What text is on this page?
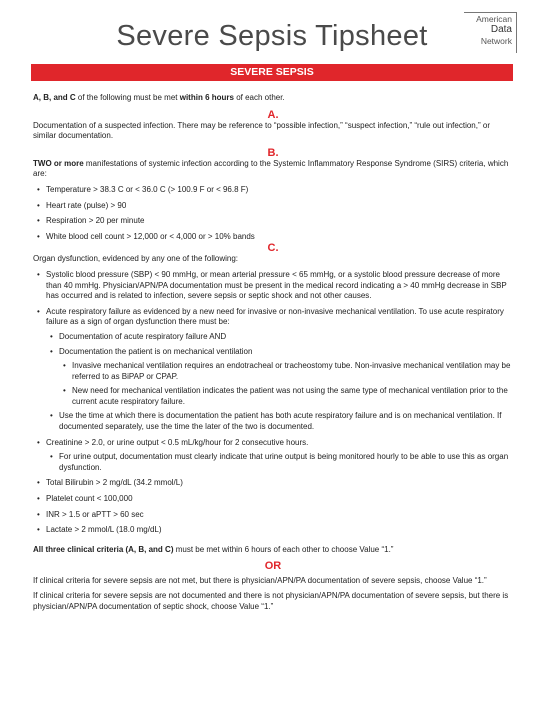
Severe Sepsis Tipsheet
American
Data
Network
SEVERE SEPSIS

A, B, and C of the following must be met within 6 hours of each other.

A.

Documentation of a suspected infection. There may be reference to “possible infection,” “suspect infection,” “rule out infection,” or similar documentation.

B.

TWO or more manifestations of systemic infection according to the Systemic Inflammatory Response Syndrome (SIRS) criteria, which are:

• Temperature > 38.3 C or < 36.0 C (> 100.9 F or < 96.8 F)
• Heart rate (pulse) > 90
• Respiration > 20 per minute
• White blood cell count > 12,000 or < 4,000 or > 10% bands
C.

Organ dysfunction, evidenced by any one of the following:

• Systolic blood pressure (SBP) < 90 mmHg, or mean arterial pressure < 65 mmHg, or a systolic blood pressure decrease of more than 40 mmHg. Physician/APN/PA documentation must be present in the medical record indicating a > 40 mmHg decrease in SBP has occurred and is related to infection, severe sepsis or septic shock and not other causes.
• Acute respiratory failure as evidenced by a new need for invasive or non-invasive mechanical ventilation. To use acute respiratory failure as a sign of organ dysfunction there must be:
• Documentation of acute respiratory failure AND
• Documentation the patient is on mechanical ventilation
• Invasive mechanical ventilation requires an endotracheal or tracheostomy tube. Non-invasive mechanical ventilation may be referred to as BiPAP or CPAP.
• New need for mechanical ventilation indicates the patient was not using the same type of mechanical ventilation prior to the current acute respiratory failure.
• Use the time at which there is documentation the patient has both acute respiratory failure and is on mechanical ventilation. If documented separately, use the time the later of the two is documented.
• Creatinine > 2.0, or urine output < 0.5 mL/kg/hour for 2 consecutive hours.
• For urine output, documentation must clearly indicate that urine output is being monitored hourly to be able to use this as organ dysfunction.
• Total Bilirubin > 2 mg/dL (34.2 mmol/L)
• Platelet count < 100,000
• INR > 1.5 or aPTT > 60 sec
• Lactate > 2 mmol/L (18.0 mg/dL)

All three clinical criteria (A, B, and C) must be met within 6 hours of each other to choose Value “1.”

OR

If clinical criteria for severe sepsis are not met, but there is physician/APN/PA documentation of severe sepsis, choose Value “1.”

If clinical criteria for severe sepsis are not documented and there is not physician/APN/PA documentation of severe sepsis, but there is physician/APN/PA documentation of septic shock, choose Value “1.”
